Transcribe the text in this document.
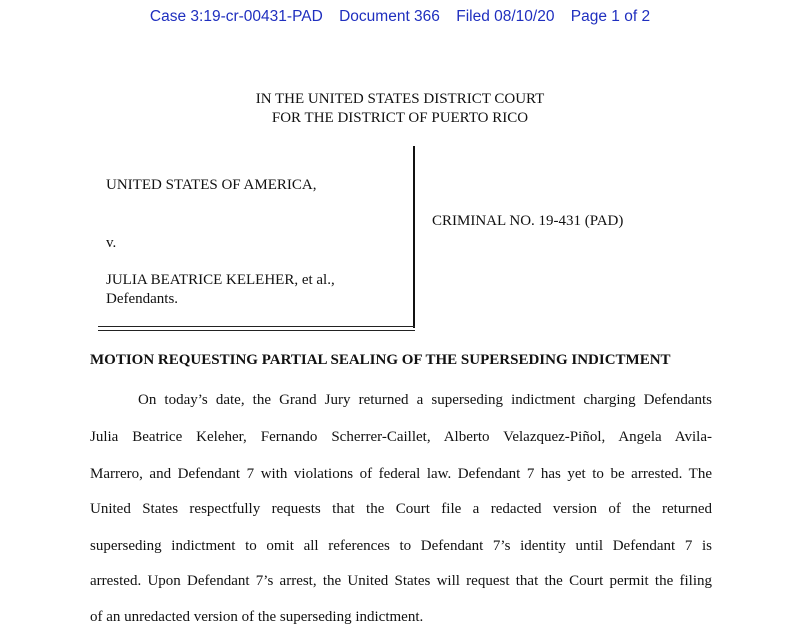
Case 3:19-cr-00431-PAD Document 366 Filed 08/10/20 Page 1 of 2
IN THE UNITED STATES DISTRICT COURT
FOR THE DISTRICT OF PUERTO RICO
UNITED STATES OF AMERICA,
v.
JULIA BEATRICE KELEHER, et al.,
Defendants.
CRIMINAL NO. 19-431 (PAD)
MOTION REQUESTING PARTIAL SEALING OF THE SUPERSEDING INDICTMENT
On today’s date, the Grand Jury returned a superseding indictment charging Defendants
Julia Beatrice Keleher, Fernando Scherrer-Caillet, Alberto Velazquez-Piñol, Angela Avila-
Marrero, and Defendant 7 with violations of federal law. Defendant 7 has yet to be arrested. The
United States respectfully requests that the Court file a redacted version of the returned
superseding indictment to omit all references to Defendant 7’s identity until Defendant 7 is
arrested. Upon Defendant 7’s arrest, the United States will request that the Court permit the filing
of an unredacted version of the superseding indictment.
